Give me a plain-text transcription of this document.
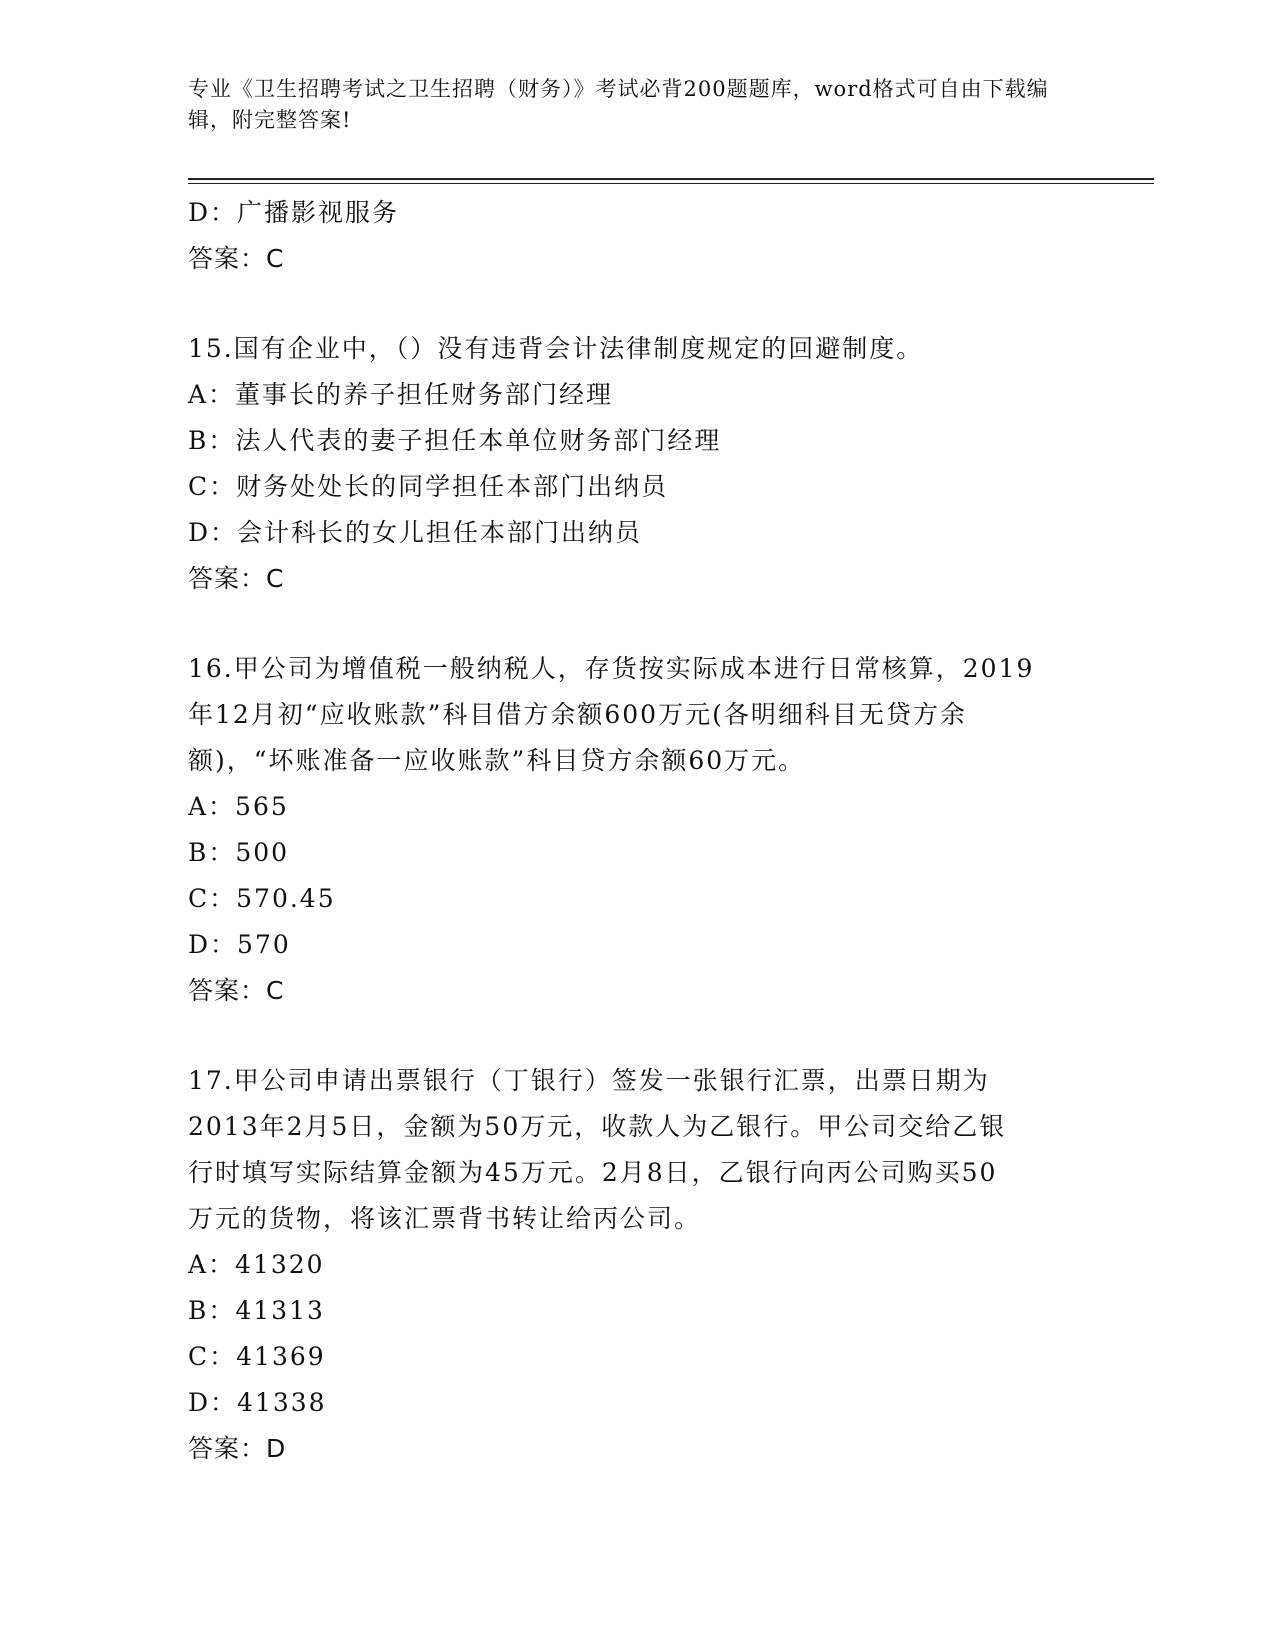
专业《卫生招聘考试之卫生招聘（财务）》考试必背200题题库，word格式可自由下载编辑，附完整答案!
D：广播影视服务
答案：C
15.国有企业中，（）没有违背会计法律制度规定的回避制度。
A：董事长的养子担任财务部门经理
B：法人代表的妻子担任本单位财务部门经理
C：财务处处长的同学担任本部门出纳员
D：会计科长的女儿担任本部门出纳员
答案：C
16.甲公司为增值税一般纳税人，存货按实际成本进行日常核算，2019
年12月初“应收账款”科目借方余额600万元(各明细科目无贷方余
额)，“坏账准备一应收账款”科目贷方余额60万元。
A：565
B：500
C：570.45
D：570
答案：C
17.甲公司申请出票银行（丁银行）签发一张银行汇票，出票日期为
2013年2月5日，金额为50万元，收款人为乙银行。甲公司交给乙银
行时填写实际结算金额为45万元。2月8日，乙银行向丙公司购买50
万元的货物，将该汇票背书转让给丙公司。
A：41320
B：41313
C：41369
D：41338
答案：D
